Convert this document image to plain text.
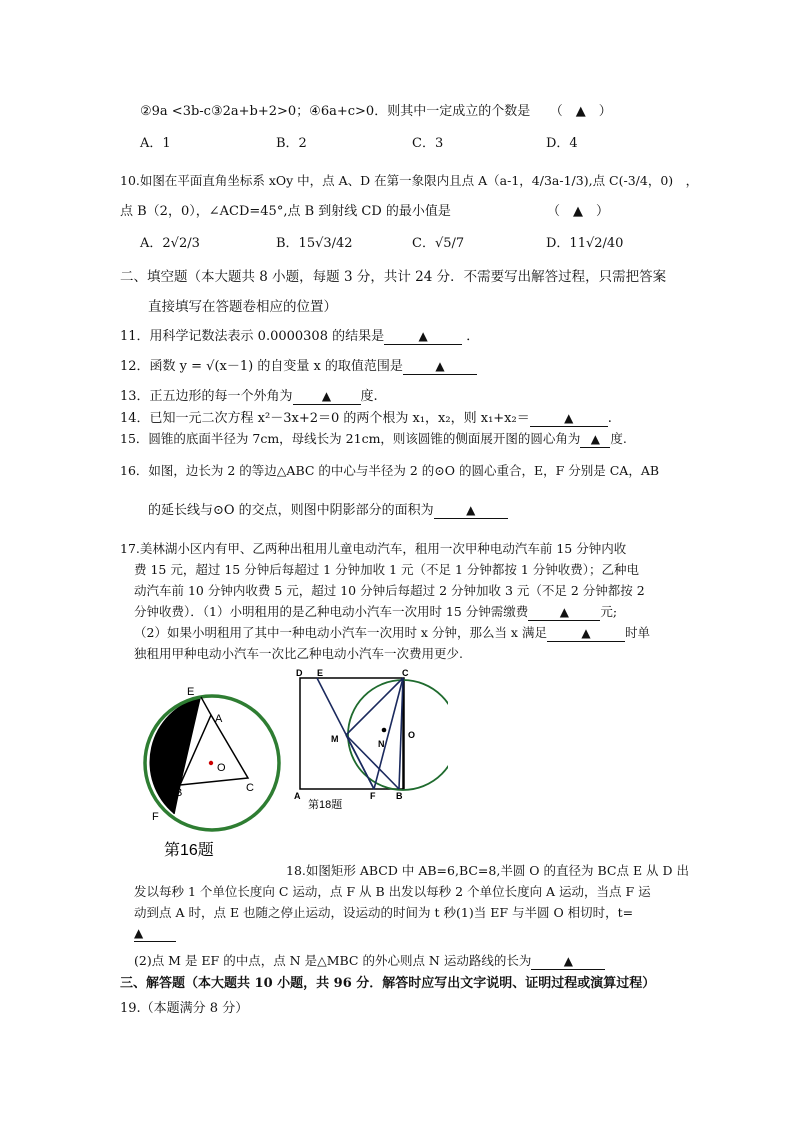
②9a <3b-c③2a+b+2>0；④6a+c>0．则其中一定成立的个数是　　（　▲　）
A．1	B．2	C．3	D．4
10.如图在平面直角坐标系 xOy 中，点 A、D 在第一象限内且点 A（a-1，4/3a-1/3),点 C(-3/4，0)　，
点 B（2，0），∠ACD=45°,点 B 到射线 CD 的最小值是	（　▲　）
A．2√2/3	B．15√3/42	C．√5/7	D．11√2/40
二、填空题（本大题共 8 小题，每题 3 分，共计 24 分．不需要写出解答过程，只需把答案
直接填写在答题卷相应的位置）
11．用科学记数法表示 0.0000308 的结果是	▲	．
12．函数 y = √(x－1) 的自变量 x 的取值范围是	▲
13．正五边形的每一个外角为 ▲ 度.
14．已知一元二次方程 x²－3x+2＝0 的两个根为 x₁，x₂，则 x₁+x₂＝	▲	.
15．圆锥的底面半径为 7cm，母线长为 21cm，则该圆锥的侧面展开图的圆心角为 ▲ 度.
16．如图，边长为 2 的等边△ABC 的中心与半径为 2 的⊙O 的圆心重合，E，F 分别是 CA，AB
的延长线与⊙O 的交点，则图中阴影部分的面积为	▲
17.美林湖小区内有甲、乙两种出租用儿童电动汽车，租用一次甲种电动汽车前 15 分钟内收
费 15 元，超过 15 分钟后每超过 1 分钟加收 1 元（不足 1 分钟都按 1 分钟收费）；乙种电
动汽车前 10 分钟内收费 5 元，超过 10 分钟后每超过 2 分钟加收 3 元（不足 2 分钟都按 2
分钟收费）．（1）小明租用的是乙种电动小汽车一次用时 15 分钟需缴费	▲	元;
（2）如果小明租用了其中一种电动小汽车一次用时 x 分钟，那么当 x 满足	▲	时单
独租用甲种电动小汽车一次比乙种电动小汽车一次费用更少.
E
A
O
B	C
F
第16题
D E	C
M	N
O
A	F B
第18题
18.如图矩形 ABCD 中 AB=6,BC=8,半圆 O 的直径为 BC点 E 从 D 出
发以每秒 1 个单位长度向 C 运动，点 F 从 B 出发以每秒 2 个单位长度向 A 运动，当点 F 运
动到点 A 时，点 E 也随之停止运动，设运动的时间为 t 秒(1)当 EF 与半圆 O 相切时，t=
▲
(2)点 M 是 EF 的中点，点 N 是△MBC 的外心则点 N 运动路线的长为	▲
三、解答题（本大题共 10 小题，共 96 分．解答时应写出文字说明、证明过程或演算过程）
19.（本题满分 8 分）
